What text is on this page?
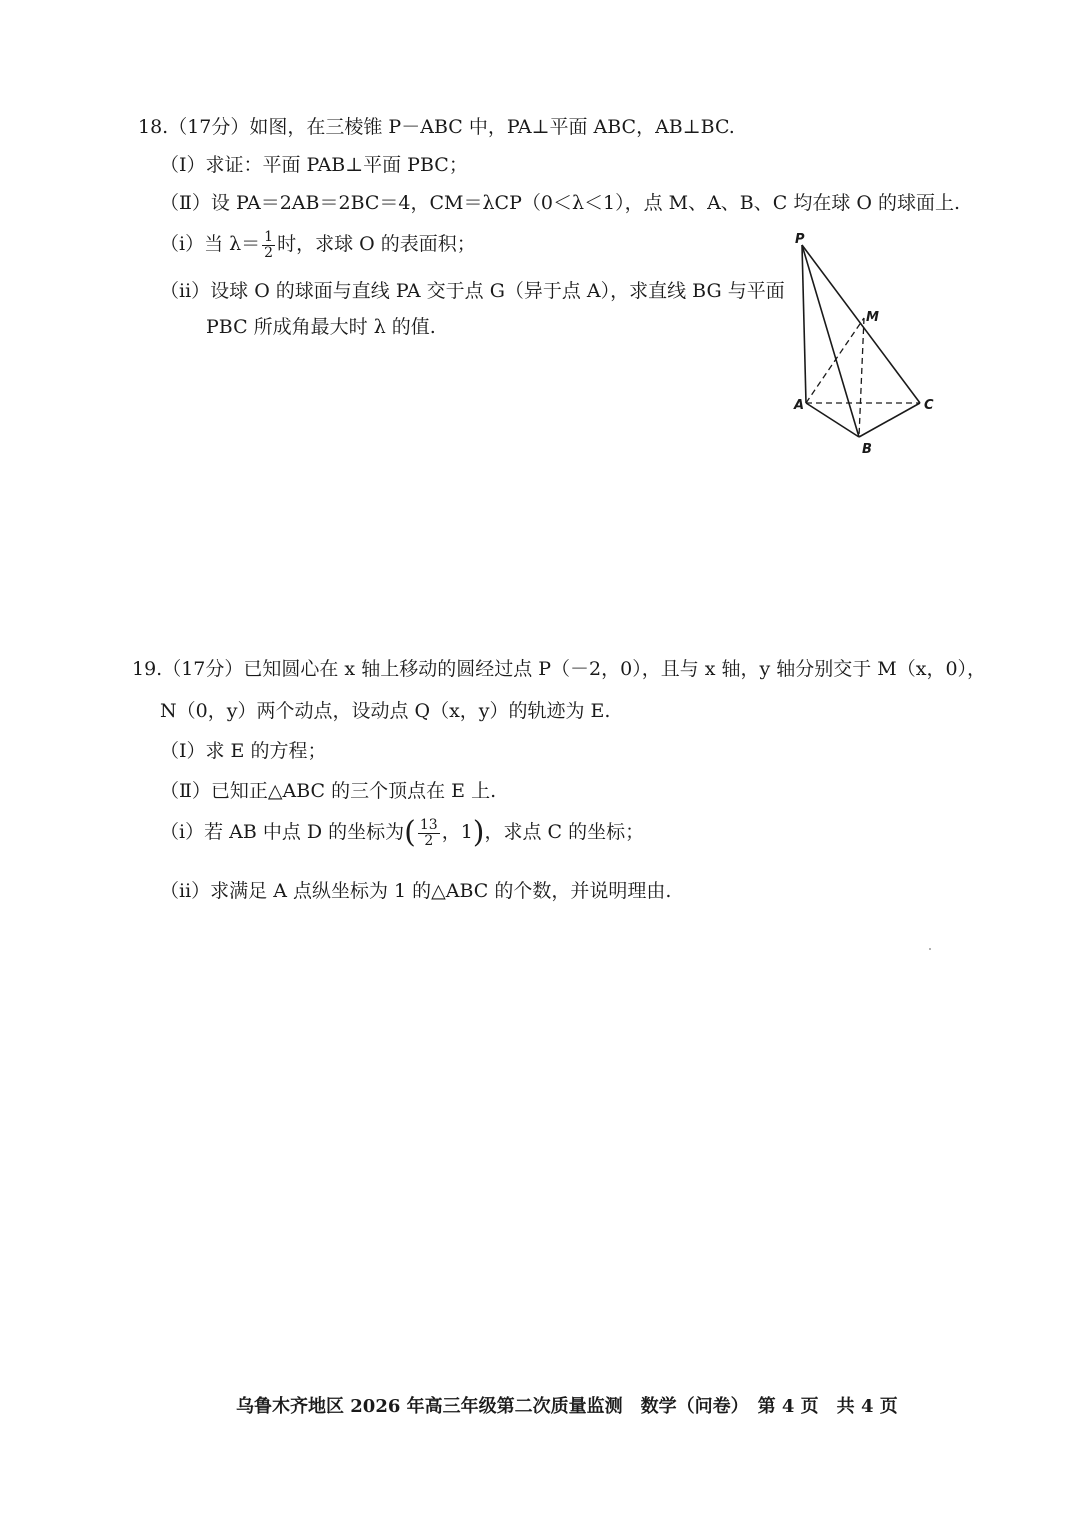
18.（17分）如图，在三棱锥 P－ABC 中，PA⊥平面 ABC，AB⊥BC.
（Ⅰ）求证：平面 PAB⊥平面 PBC；
（Ⅱ）设 PA＝2AB＝2BC＝4，CM＝λCP（0＜λ＜1），点 M、A、B、C 均在球 O 的球面上.
（ⅰ）当 $\lambda= \frac{1}{2}$ 时，求球 O 的表面积；
（ⅱ）设球 O 的球面与直线 PA 交于点 G（异于点 A），求直线 BG 与平面
PBC 所成角最大时 λ 的值.
P
M
A	C
B
19.（17分）已知圆心在 x 轴上移动的圆经过点 P（－2，0），且与 x 轴，y 轴分别交于 M（x，0），
N（0，y）两个动点，设动点 Q（x，y）的轨迹为 E.
（Ⅰ）求 E 的方程；
（Ⅱ）已知正△ABC 的三个顶点在 E 上.
（ⅰ）若 AB 中点 D 的坐标为( $\frac{13}{2}$ ，1)，求点 C 的坐标；
（ⅱ）求满足 A 点纵坐标为 1 的△ABC 的个数，并说明理由.
乌鲁木齐地区 2026 年高三年级第二次质量监测　数学（问卷）　第 4 页　共 4 页
